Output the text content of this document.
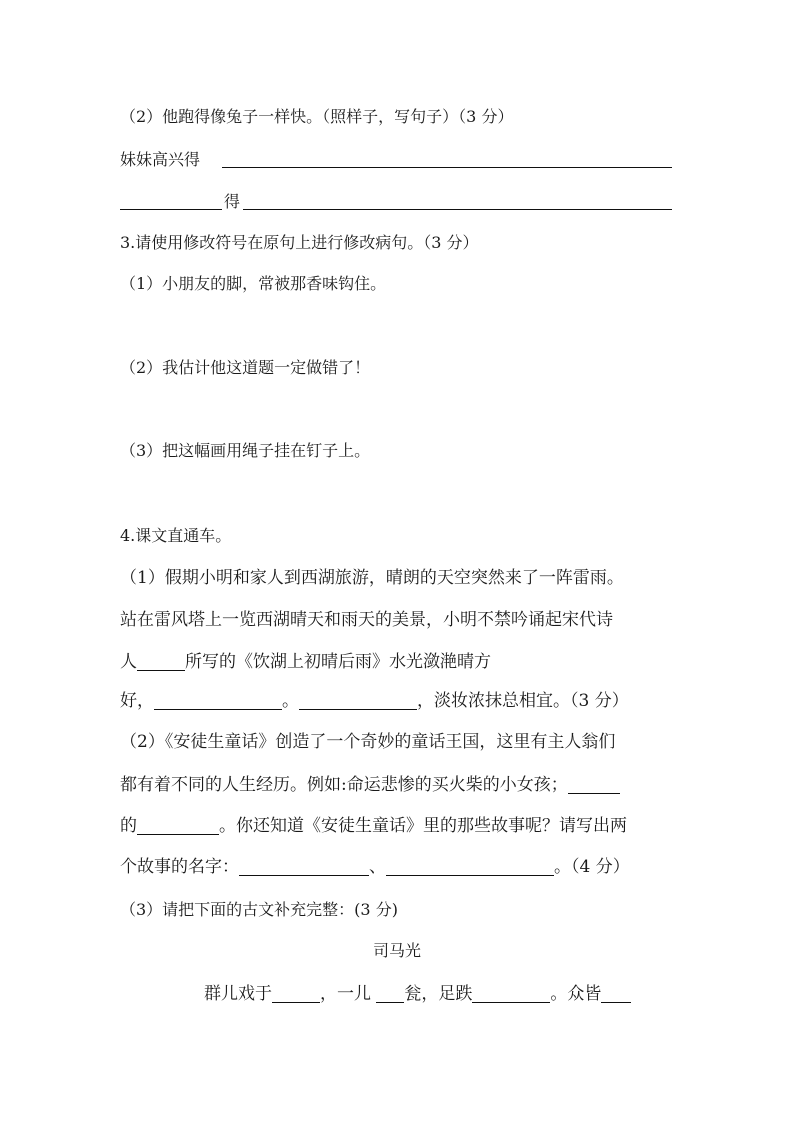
（2）他跑得像兔子一样快。（照样子，写句子）（3 分）
妹妹高兴得
得
3.请使用修改符号在原句上进行修改病句。（3 分）
（1）小朋友的脚，常被那香味钩住。
（2）我估计他这道题一定做错了！
（3）把这幅画用绳子挂在钉子上。
4.课文直通车。
（1）假期小明和家人到西湖旅游，晴朗的天空突然来了一阵雷雨。
站在雷风塔上一览西湖晴天和雨天的美景，小明不禁吟诵起宋代诗
人	所写的《饮湖上初晴后雨》水光潋滟晴方
好，	。	，淡妆浓抹总相宜。（3 分）
（2）《安徒生童话》创造了一个奇妙的童话王国，这里有主人翁们
都有着不同的人生经历。例如:命运悲惨的买火柴的小女孩；
的	。你还知道《安徒生童话》里的那些故事呢？请写出两
个故事的名字：	、	。（4 分）
（3）请把下面的古文补充完整：(3 分)
司马光
群儿戏于	，一儿 瓮，足跌	。众皆
